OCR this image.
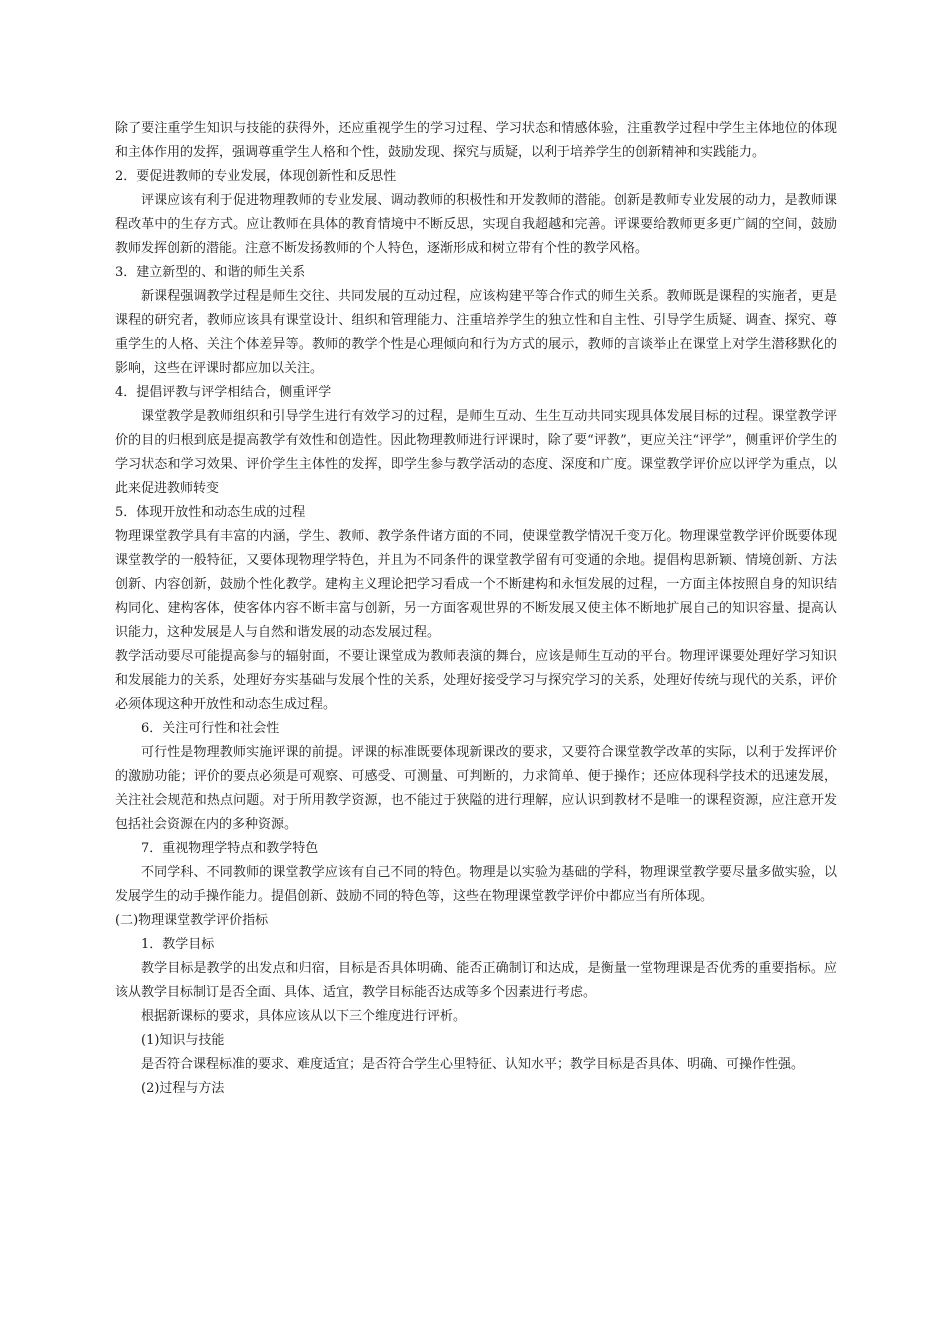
除了要注重学生知识与技能的获得外，还应重视学生的学习过程、学习状态和情感体验，注重教学过程中学生主体地位的体现和主体作用的发挥，强调尊重学生人格和个性，鼓励发现、探究与质疑，以利于培养学生的创新精神和实践能力。

2．要促进教师的专业发展，体现创新性和反思性

评课应该有利于促进物理教师的专业发展、调动教师的积极性和开发教师的潜能。创新是教师专业发展的动力，是教师课程改革中的生存方式。应让教师在具体的教育情境中不断反思，实现自我超越和完善。评课要给教师更多更广阔的空间，鼓励教师发挥创新的潜能。注意不断发扬教师的个人特色，逐渐形成和树立带有个性的教学风格。

3．建立新型的、和谐的师生关系

新课程强调教学过程是师生交往、共同发展的互动过程，应该构建平等合作式的师生关系。教师既是课程的实施者，更是课程的研究者，教师应该具有课堂设计、组织和管理能力、注重培养学生的独立性和自主性、引导学生质疑、调查、探究、尊重学生的人格、关注个体差异等。教师的教学个性是心理倾向和行为方式的展示，教师的言谈举止在课堂上对学生潜移默化的影响，这些在评课时都应加以关注。

4．提倡评教与评学相结合，侧重评学

课堂教学是教师组织和引导学生进行有效学习的过程，是师生互动、生生互动共同实现具体发展目标的过程。课堂教学评价的目的归根到底是提高教学有效性和创造性。因此物理教师进行评课时，除了要“评教”，更应关注“评学”，侧重评价学生的学习状态和学习效果、评价学生主体性的发挥，即学生参与教学活动的态度、深度和广度。课堂教学评价应以评学为重点，以此来促进教师转变

5．体现开放性和动态生成的过程

物理课堂教学具有丰富的内涵，学生、教师、教学条件诸方面的不同，使课堂教学情况千变万化。物理课堂教学评价既要体现课堂教学的一般特征，又要体现物理学特色，并且为不同条件的课堂教学留有可变通的余地。提倡构思新颖、情境创新、方法创新、内容创新，鼓励个性化教学。建构主义理论把学习看成一个不断建构和永恒发展的过程，一方面主体按照自身的知识结构同化、建构客体，使客体内容不断丰富与创新，另一方面客观世界的不断发展又使主体不断地扩展自己的知识容量、提高认识能力，这种发展是人与自然和谐发展的动态发展过程。

教学活动要尽可能提高参与的辐射面，不要让课堂成为教师表演的舞台，应该是师生互动的平台。物理评课要处理好学习知识和发展能力的关系，处理好夯实基础与发展个性的关系，处理好接受学习与探究学习的关系，处理好传统与现代的关系，评价必须体现这种开放性和动态生成过程。

6．关注可行性和社会性

可行性是物理教师实施评课的前提。评课的标准既要体现新课改的要求，又要符合课堂教学改革的实际，以利于发挥评价的激励功能；评价的要点必须是可观察、可感受、可测量、可判断的，力求简单、便于操作；还应体现科学技术的迅速发展，关注社会规范和热点问题。对于所用教学资源，也不能过于狭隘的进行理解，应认识到教材不是唯一的课程资源，应注意开发包括社会资源在内的多种资源。

7．重视物理学特点和教学特色

不同学科、不同教师的课堂教学应该有自己不同的特色。物理是以实验为基础的学科，物理课堂教学要尽量多做实验，以发展学生的动手操作能力。提倡创新、鼓励不同的特色等，这些在物理课堂教学评价中都应当有所体现。

(二)物理课堂教学评价指标

1．教学目标

教学目标是教学的出发点和归宿，目标是否具体明确、能否正确制订和达成，是衡量一堂物理课是否优秀的重要指标。应该从教学目标制订是否全面、具体、适宜，教学目标能否达成等多个因素进行考虑。

根据新课标的要求，具体应该从以下三个维度进行评析。

(1)知识与技能

是否符合课程标准的要求、难度适宜；是否符合学生心里特征、认知水平；教学目标是否具体、明确、可操作性强。

(2)过程与方法
